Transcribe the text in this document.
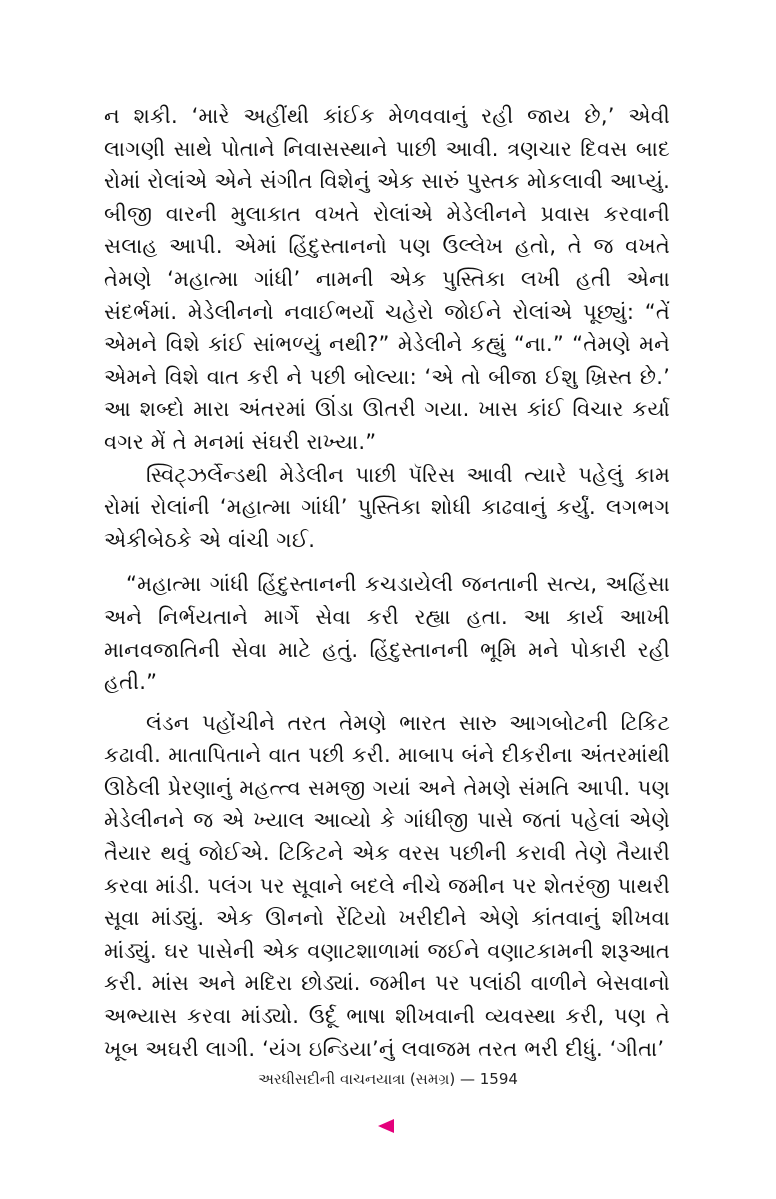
ન શકી. ‘મારે અહીંથી કાંઈક મેળવવાનું રહી જાય છે,’ એવી લાગણી સાથે પોતાને નિવાસસ્થાને પાછી આવી. ત્રણચાર દિવસ બાદ રોમાં રોલાંએ એને સંગીત વિશેનું એક સારું પુસ્તક મોકલાવી આપ્યું. બીજી વારની મુલાકાત વખતે રોલાંએ મેડેલીનને પ્રવાસ કરવાની સલાહ આપી. એમાં હિંદુસ્તાનનો પણ ઉલ્લેખ હતો, તે જ વખતે તેમણે ‘મહાત્મા ગાંધી’ નામની એક પુસ્તિકા લખી હતી એના સંદર્ભમાં. મેડેલીનનો નવાઈભર્યો ચહેરો જોઈને રોલાંએ પૂછ્યું: “તેં એમને વિશે કાંઈ સાંભળ્યું નથી?” મેડેલીને કહ્યું “ના.” “તેમણે મને એમને વિશે વાત કરી ને પછી બોલ્યા: ‘એ તો બીજા ઈશુ ખ્રિસ્ત છે.’ આ શબ્દો મારા અંતરમાં ઊંડા ઊતરી ગયા. ખાસ કાંઈ વિચાર કર્યા વગર મેં તે મનમાં સંઘરી રાખ્યા.”

સ્વિટ્ઝર્લેન્ડથી મેડેલીન પાછી પૅરિસ આવી ત્યારે પહેલું કામ રોમાં રોલાંની ‘મહાત્મા ગાંધી’ પુસ્તિકા શોધી કાઢવાનું કર્યું. લગભગ એકીબેઠકે એ વાંચી ગઈ.

“મહાત્મા ગાંધી હિંદુસ્તાનની કચડાયેલી જનતાની સત્ય, અહિંસા અને નિર્ભયતાને માર્ગે સેવા કરી રહ્યા હતા. આ કાર્ય આખી માનવજાતિની સેવા માટે હતું. હિંદુસ્તાનની ભૂમિ મને પોકારી રહી હતી.”

લંડન પહોંચીને તરત તેમણે ભારત સારુ આગબોટની ટિકિટ કઢાવી. માતાપિતાને વાત પછી કરી. માબાપ બંને દીકરીના અંતરમાંથી ઊઠેલી પ્રેરણાનું મહત્ત્વ સમજી ગયાં અને તેમણે સંમતિ આપી. પણ મેડેલીનને જ એ ખ્યાલ આવ્યો કે ગાંધીજી પાસે જતાં પહેલાં એણે તૈયાર થવું જોઈએ. ટિકિટને એક વરસ પછીની કરાવી તેણે તૈયારી કરવા માંડી. પલંગ પર સૂવાને બદલે નીચે જમીન પર શેતરંજી પાથરી સૂવા માંડ્યું. એક ઊનનો રેંટિયો ખરીદીને એણે કાંતવાનું શીખવા માંડ્યું. ઘર પાસેની એક વણાટશાળામાં જઈને વણાટકામની શરૂઆત કરી. માંસ અને મદિરા છોડ્યાં. જમીન પર પલાંઠી વાળીને બેસવાનો અભ્યાસ કરવા માંડ્યો. ઉર્દૂ ભાષા શીખવાની વ્યવસ્થા કરી, પણ તે ખૂબ અઘરી લાગી. ‘યંગ ઇન્ડિયા’નું લવાજમ તરત ભરી દીધું. ‘ગીતા’

અરધીસદીની વાચનયાત્રા (સમગ્ર) — 1594
